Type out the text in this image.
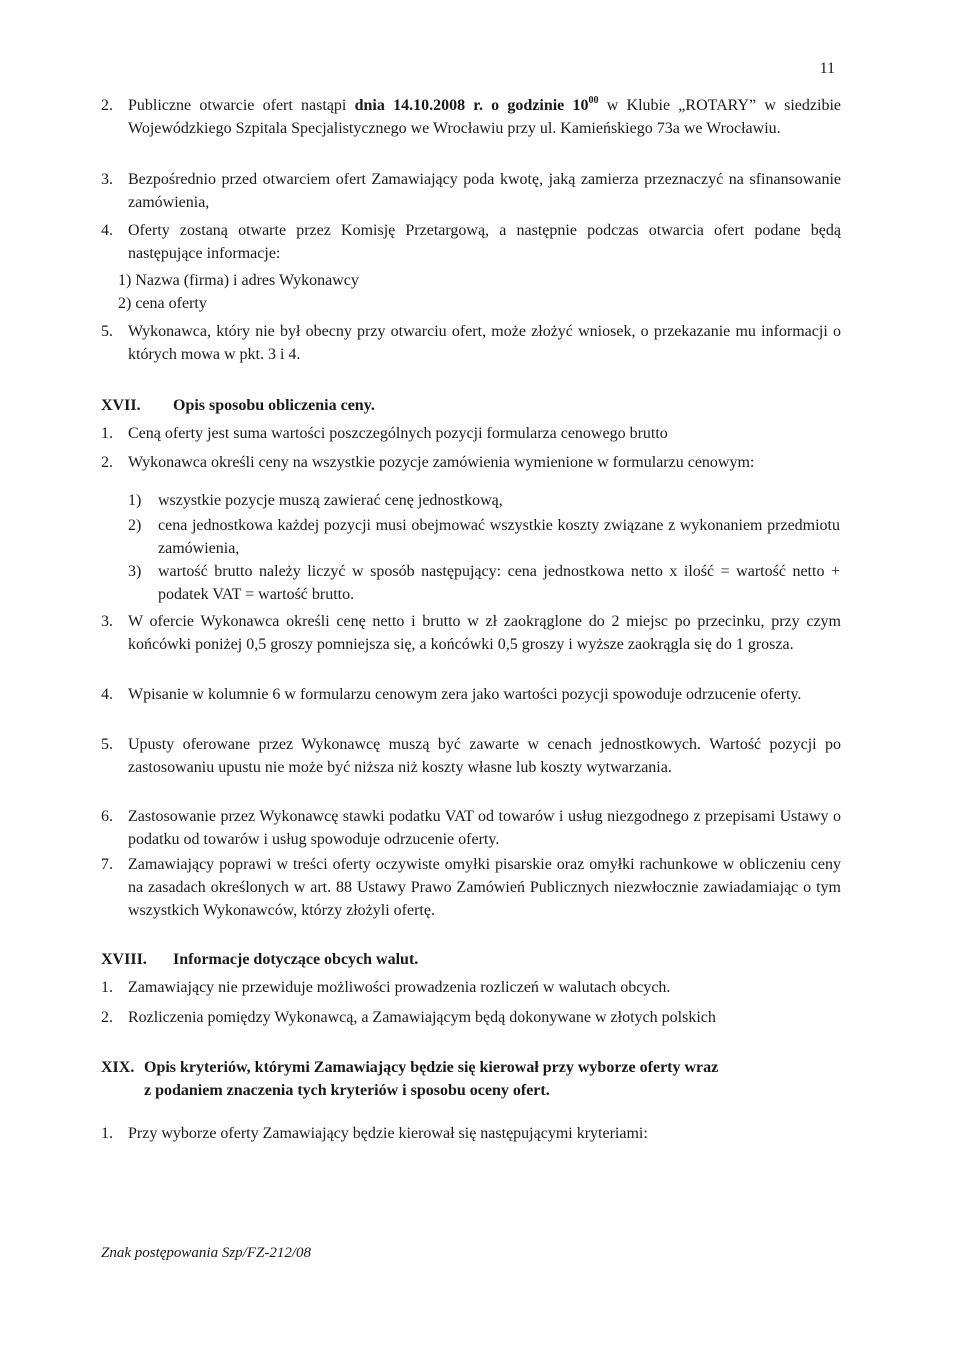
11
2. Publiczne otwarcie ofert nastąpi dnia 14.10.2008 r. o godzinie $10^{00}$ w Klubie „ROTARY” w siedzibie Wojewódzkiego Szpitala Specjalistycznego we Wrocławiu przy ul. Kamieńskiego 73a we Wrocławiu.
3. Bezpośrednio przed otwarciem ofert Zamawiający poda kwotę, jaką zamierza przeznaczyć na sfinansowanie zamówienia,
4. Oferty zostaną otwarte przez Komisję Przetargową, a następnie podczas otwarcia ofert podane będą następujące informacje:
1) Nazwa (firma) i adres Wykonawcy
2) cena oferty
5. Wykonawca, który nie był obecny przy otwarciu ofert, może złożyć wniosek, o przekazanie mu informacji o których mowa w pkt. 3 i 4.
XVII. Opis sposobu obliczenia ceny.
1. Ceną oferty jest suma wartości poszczególnych pozycji formularza cenowego brutto
2. Wykonawca określi ceny na wszystkie pozycje zamówienia wymienione w formularzu cenowym:
1) wszystkie pozycje muszą zawierać cenę jednostkową,
2) cena jednostkowa każdej pozycji musi obejmować wszystkie koszty związane z wykonaniem przedmiotu zamówienia,
3) wartość brutto należy liczyć w sposób następujący: cena jednostkowa netto x ilość = wartość netto + podatek VAT = wartość brutto.
3. W ofercie Wykonawca określi cenę netto i brutto w zł zaokrąglone do 2 miejsc po przecinku, przy czym końcówki poniżej 0,5 groszy pomniejsza się, a końcówki 0,5 groszy i wyższe zaokrągla się do 1 grosza.
4. Wpisanie w kolumnie 6 w formularzu cenowym zera jako wartości pozycji spowoduje odrzucenie oferty.
5. Upusty oferowane przez Wykonawcę muszą być zawarte w cenach jednostkowych. Wartość pozycji po zastosowaniu upustu nie może być niższa niż koszty własne lub koszty wytwarzania.
6. Zastosowanie przez Wykonawcę stawki podatku VAT od towarów i usług niezgodnego z przepisami Ustawy o podatku od towarów i usług spowoduje odrzucenie oferty.
7. Zamawiający poprawi w treści oferty oczywiste omyłki pisarskie oraz omyłki rachunkowe w obliczeniu ceny na zasadach określonych w art. 88 Ustawy Prawo Zamówień Publicznych niezwłocznie zawiadamiając o tym wszystkich Wykonawców, którzy złożyli ofertę.
XVIII. Informacje dotyczące obcych walut.
1. Zamawiający nie przewiduje możliwości prowadzenia rozliczeń w walutach obcych.
2. Rozliczenia pomiędzy Wykonawcą, a Zamawiającym będą dokonywane w złotych polskich
XIX. Opis kryteriów, którymi Zamawiający będzie się kierował przy wyborze oferty wraz
z podaniem znaczenia tych kryteriów i sposobu oceny ofert.
1. Przy wyborze oferty Zamawiający będzie kierował się następującymi kryteriami:
Znak postępowania Szp/FZ-212/08
